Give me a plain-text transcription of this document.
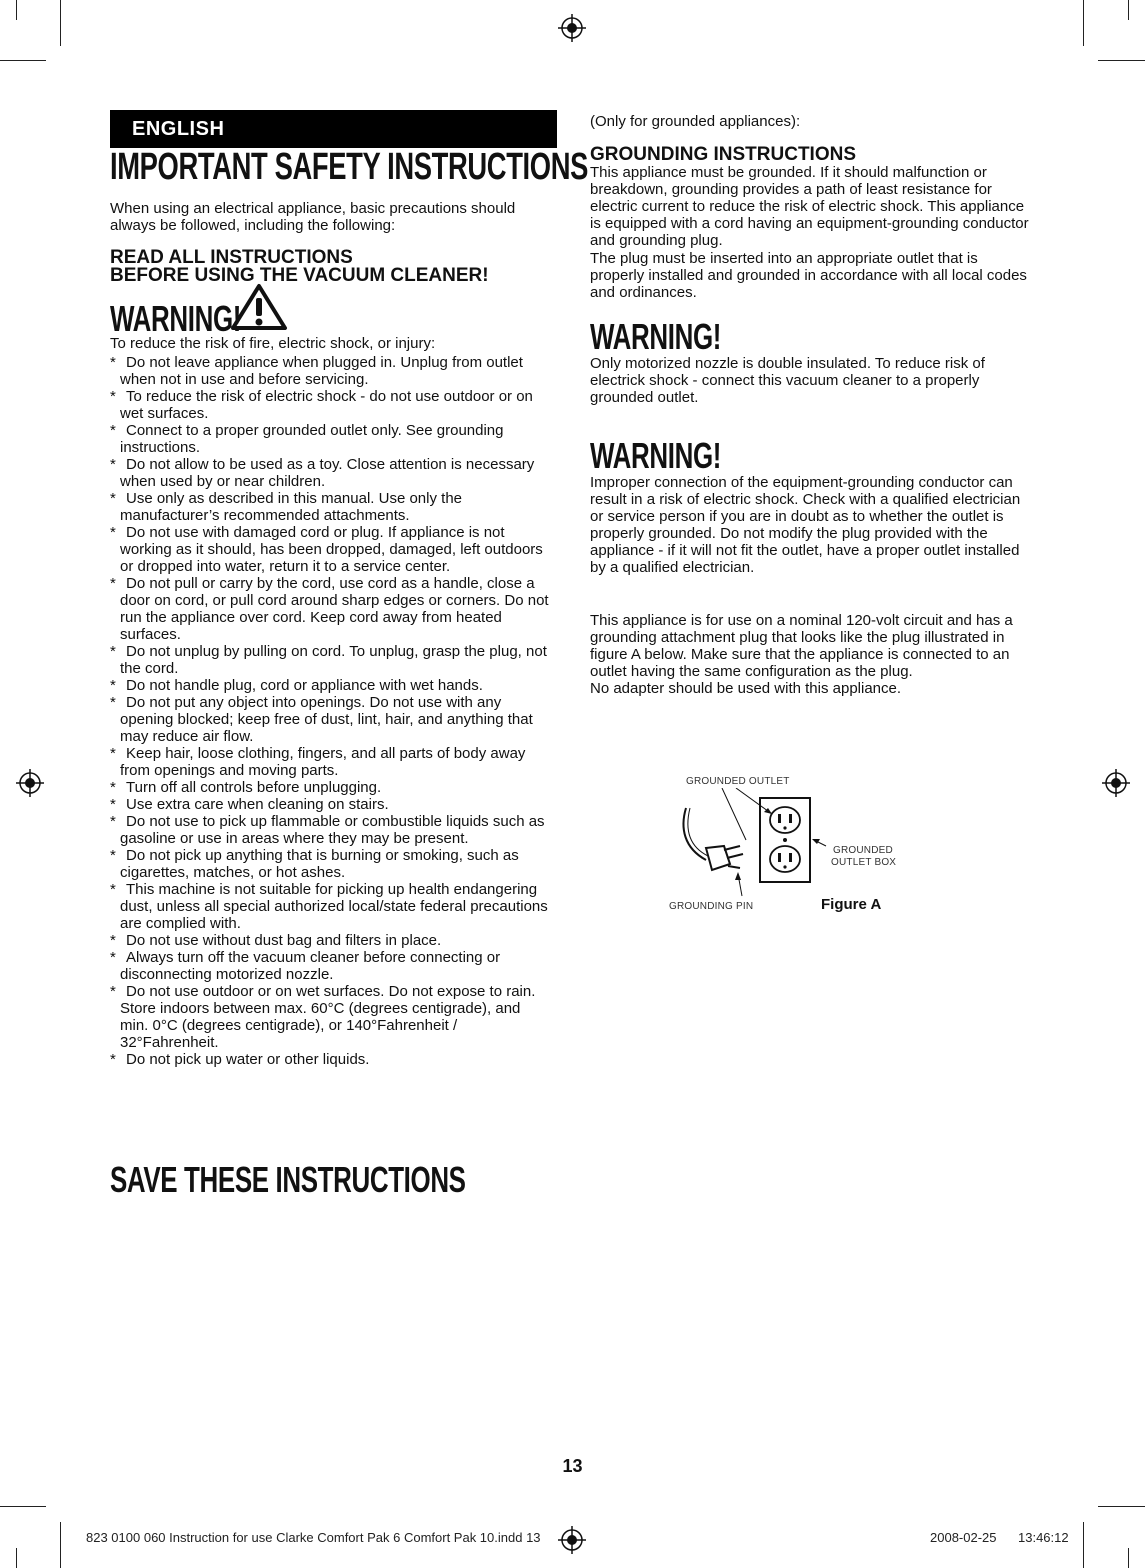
ENGLISH
IMPORTANT SAFETY INSTRUCTIONS
When using an electrical appliance, basic precautions should always be followed, including the following:
READ ALL INSTRUCTIONS
BEFORE USING THE VACUUM CLEANER!
WARNING!
To reduce the risk of fire, electric shock, or injury:
* Do not leave appliance when plugged in. Unplug from outlet when not in use and before servicing.
* To reduce the risk of electric shock - do not use outdoor or on wet surfaces.
* Connect to a proper grounded outlet only. See grounding instructions.
* Do not allow to be used as a toy. Close attention is necessary when used by or near children.
* Use only as described in this manual. Use only the manufacturer’s recommended attachments.
* Do not use with damaged cord or plug. If appliance is not working as it should, has been dropped, damaged, left outdoors or dropped into water, return it to a service center.
* Do not pull or carry by the cord, use cord as a handle, close a door on cord, or pull cord around sharp edges or corners. Do not run the appliance over cord. Keep cord away from heated surfaces.
* Do not unplug by pulling on cord. To unplug, grasp the plug, not the cord.
* Do not handle plug, cord or appliance with wet hands.
* Do not put any object into openings. Do not use with any opening blocked; keep free of dust, lint, hair, and anything that may reduce air flow.
* Keep hair, loose clothing, fingers, and all parts of body away from openings and moving parts.
* Turn off all controls before unplugging.
* Use extra care when cleaning on stairs.
* Do not use to pick up flammable or combustible liquids such as gasoline or use in areas where they may be present.
* Do not pick up anything that is burning or smoking, such as cigarettes, matches, or hot ashes.
* This machine is not suitable for picking up health endangering dust, unless all special authorized local/state federal precautions are complied with.
* Do not use without dust bag and filters in place.
* Always turn off the vacuum cleaner before connecting or disconnecting motorized nozzle.
* Do not use outdoor or on wet surfaces. Do not expose to rain. Store indoors between max. 60°C (degrees centigrade), and min. 0°C (degrees centigrade), or 140°Fahrenheit / 32°Fahrenheit.
* Do not pick up water or other liquids.
SAVE THESE INSTRUCTIONS
(Only for grounded appliances):
GROUNDING INSTRUCTIONS
This appliance must be grounded. If it should malfunction or breakdown, grounding provides a path of least resistance for electric current to reduce the risk of electric shock. This appliance is equipped with a cord having an equipment-grounding conductor and grounding plug.
The plug must be inserted into an appropriate outlet that is properly installed and grounded in accordance with all local codes and ordinances.
WARNING!
Only motorized nozzle is double insulated. To reduce risk of electrick shock - connect this vacuum cleaner to a properly grounded outlet.
WARNING!
Improper connection of the equipment-grounding conductor can result in a risk of electric shock. Check with a qualified electrician or service person if you are in doubt as to whether the outlet is properly grounded. Do not modify the plug provided with the appliance - if it will not fit the outlet, have a proper outlet installed by a qualified electrician.
This appliance is for use on a nominal 120-volt circuit and has a grounding attachment plug that looks like the plug illustrated in figure A below. Make sure that the appliance is connected to an outlet having the same configuration as the plug.
No adapter should be used with this appliance.
GROUNDED OUTLET
GROUNDED
OUTLET BOX
GROUNDING PIN	Figure A
13
823 0100 060 Instruction for use Clarke Comfort Pak 6 Comfort Pak 10.indd 13	2008-02-25 13:46:12
